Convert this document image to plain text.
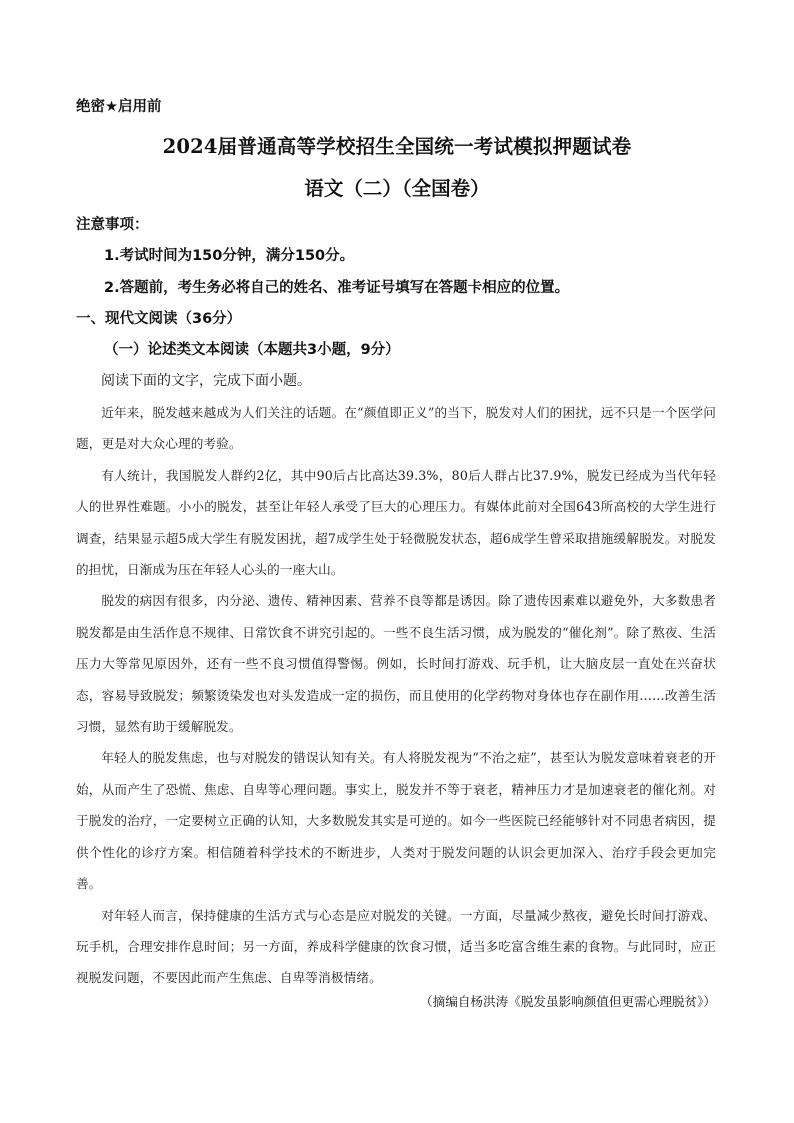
绝密★启用前
2024届普通高等学校招生全国统一考试模拟押题试卷
语文（二）（全国卷）
注意事项：
1.考试时间为150分钟，满分150分。
2.答题前，考生务必将自己的姓名、准考证号填写在答题卡相应的位置。
一、现代文阅读（36分）
（一）论述类文本阅读（本题共3小题，9分）
阅读下面的文字，完成下面小题。

近年来，脱发越来越成为人们关注的话题。在“颜值即正义”的当下，脱发对人们的困扰，远不只是一个医学问题，更是对大众心理的考验。

有人统计，我国脱发人群约2亿，其中90后占比高达39.3%，80后人群占比37.9%，脱发已经成为当代年轻人的世界性难题。小小的脱发，甚至让年轻人承受了巨大的心理压力。有媒体此前对全国643所高校的大学生进行调查，结果显示超5成大学生有脱发困扰，超7成学生处于轻微脱发状态，超6成学生曾采取措施缓解脱发。对脱发的担忧，日渐成为压在年轻人心头的一座大山。

脱发的病因有很多，内分泌、遗传、精神因素、营养不良等都是诱因。除了遗传因素难以避免外，大多数患者脱发都是由生活作息不规律、日常饮食不讲究引起的。一些不良生活习惯，成为脱发的“催化剂”。除了熬夜、生活压力大等常见原因外，还有一些不良习惯值得警惕。例如，长时间打游戏、玩手机，让大脑皮层一直处在兴奋状态，容易导致脱发；频繁烫染发也对头发造成一定的损伤，而且使用的化学药物对身体也存在副作用……改善生活习惯，显然有助于缓解脱发。

年轻人的脱发焦虑，也与对脱发的错误认知有关。有人将脱发视为“不治之症”，甚至认为脱发意味着衰老的开始，从而产生了恐慌、焦虑、自卑等心理问题。事实上，脱发并不等于衰老，精神压力才是加速衰老的催化剂。对于脱发的治疗，一定要树立正确的认知，大多数脱发其实是可逆的。如今一些医院已经能够针对不同患者病因，提供个性化的诊疗方案。相信随着科学技术的不断进步，人类对于脱发问题的认识会更加深入、治疗手段会更加完善。

对年轻人而言，保持健康的生活方式与心态是应对脱发的关键。一方面，尽量减少熬夜，避免长时间打游戏、玩手机，合理安排作息时间；另一方面，养成科学健康的饮食习惯，适当多吃富含维生素的食物。与此同时，应正视脱发问题，不要因此而产生焦虑、自卑等消极情绪。

（摘编自杨洪涛《脱发虽影响颜值但更需心理脱贫》）
